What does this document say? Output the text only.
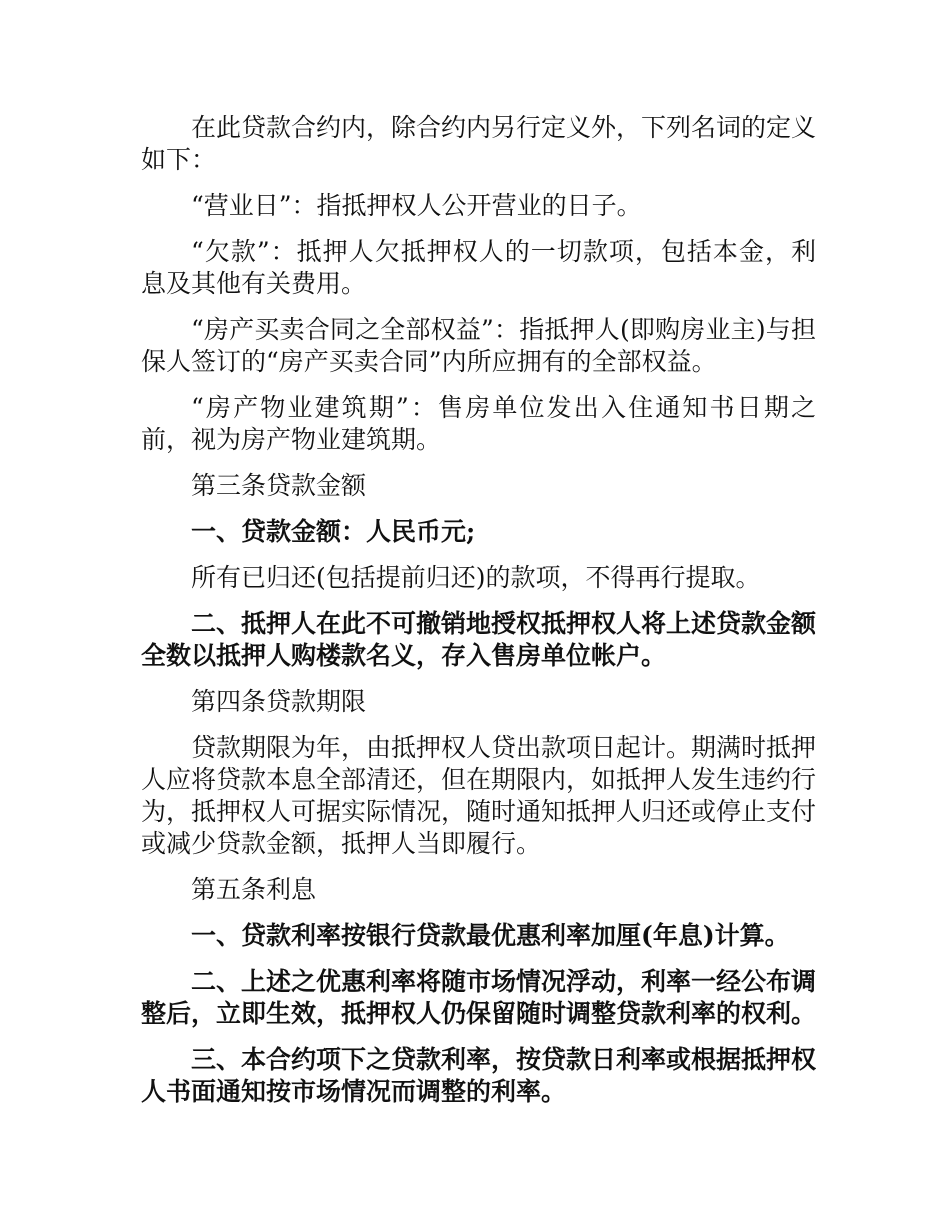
在此贷款合约内，除合约内另行定义外，下列名词的定义如下：

“营业日”：指抵押权人公开营业的日子。

“欠款”：抵押人欠抵押权人的一切款项，包括本金，利息及其他有关费用。

“房产买卖合同之全部权益”：指抵押人(即购房业主)与担保人签订的“房产买卖合同”内所应拥有的全部权益。

“房产物业建筑期”：售房单位发出入住通知书日期之前，视为房产物业建筑期。

第三条贷款金额

一、贷款金额：人民币元;

所有已归还(包括提前归还)的款项，不得再行提取。

二、抵押人在此不可撤销地授权抵押权人将上述贷款金额全数以抵押人购楼款名义，存入售房单位帐户。

第四条贷款期限

贷款期限为年，由抵押权人贷出款项日起计。期满时抵押人应将贷款本息全部清还，但在期限内，如抵押人发生违约行为，抵押权人可据实际情况，随时通知抵押人归还或停止支付或减少贷款金额，抵押人当即履行。

第五条利息

一、贷款利率按银行贷款最优惠利率加厘(年息)计算。

二、上述之优惠利率将随市场情况浮动，利率一经公布调整后，立即生效，抵押权人仍保留随时调整贷款利率的权利。

三、本合约项下之贷款利率，按贷款日利率或根据抵押权人书面通知按市场情况而调整的利率。
